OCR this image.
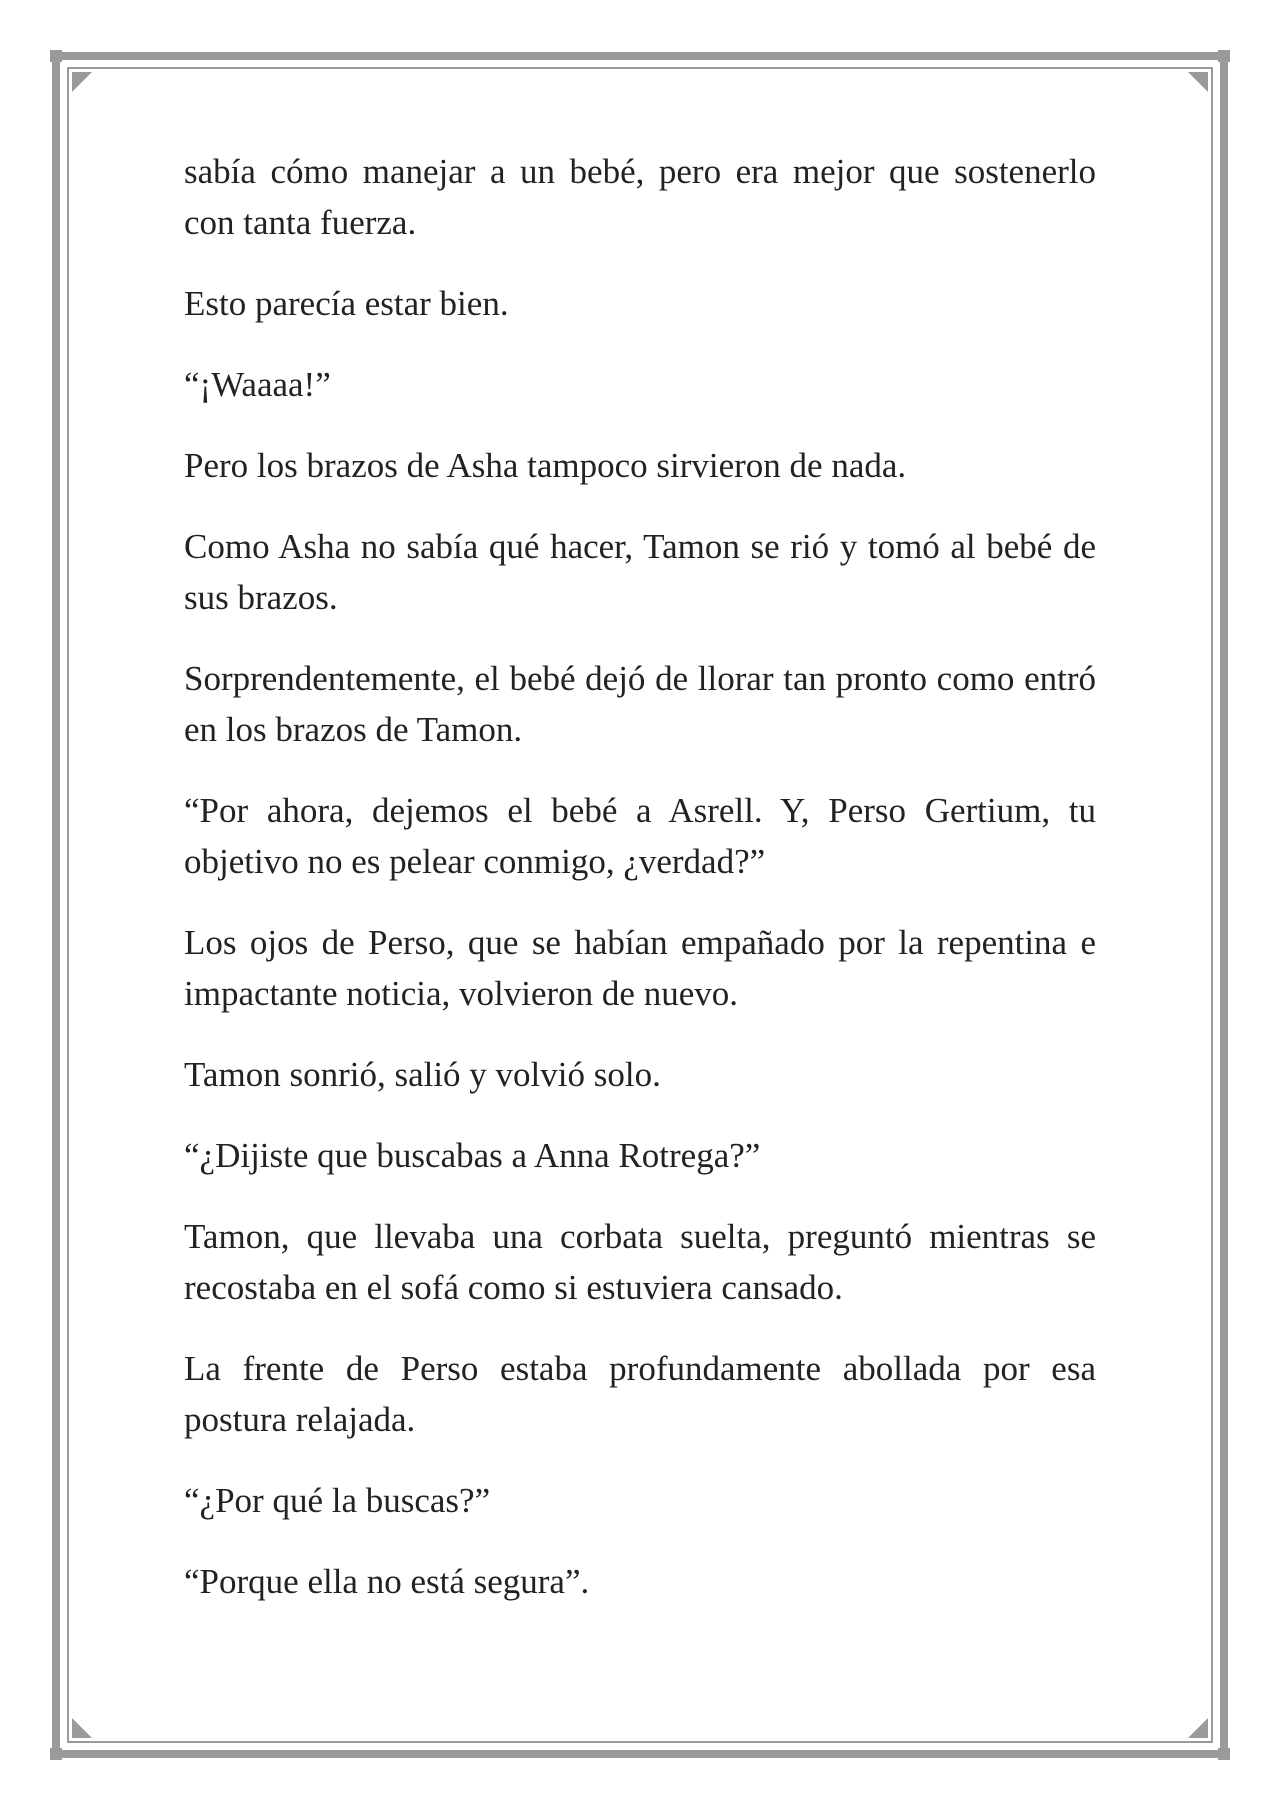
sabía cómo manejar a un bebé, pero era mejor que sostenerlo con tanta fuerza.

Esto parecía estar bien.

“¡Waaaa!”

Pero los brazos de Asha tampoco sirvieron de nada.

Como Asha no sabía qué hacer, Tamon se rió y tomó al bebé de sus brazos.

Sorprendentemente, el bebé dejó de llorar tan pronto como entró en los brazos de Tamon.

“Por ahora, dejemos el bebé a Asrell. Y, Perso Gertium, tu objetivo no es pelear conmigo, ¿verdad?”

Los ojos de Perso, que se habían empañado por la repentina e impactante noticia, volvieron de nuevo.

Tamon sonrió, salió y volvió solo.

“¿Dijiste que buscabas a Anna Rotrega?”

Tamon, que llevaba una corbata suelta, preguntó mientras se recostaba en el sofá como si estuviera cansado.

La frente de Perso estaba profundamente abollada por esa postura relajada.

“¿Por qué la buscas?”

“Porque ella no está segura”.
